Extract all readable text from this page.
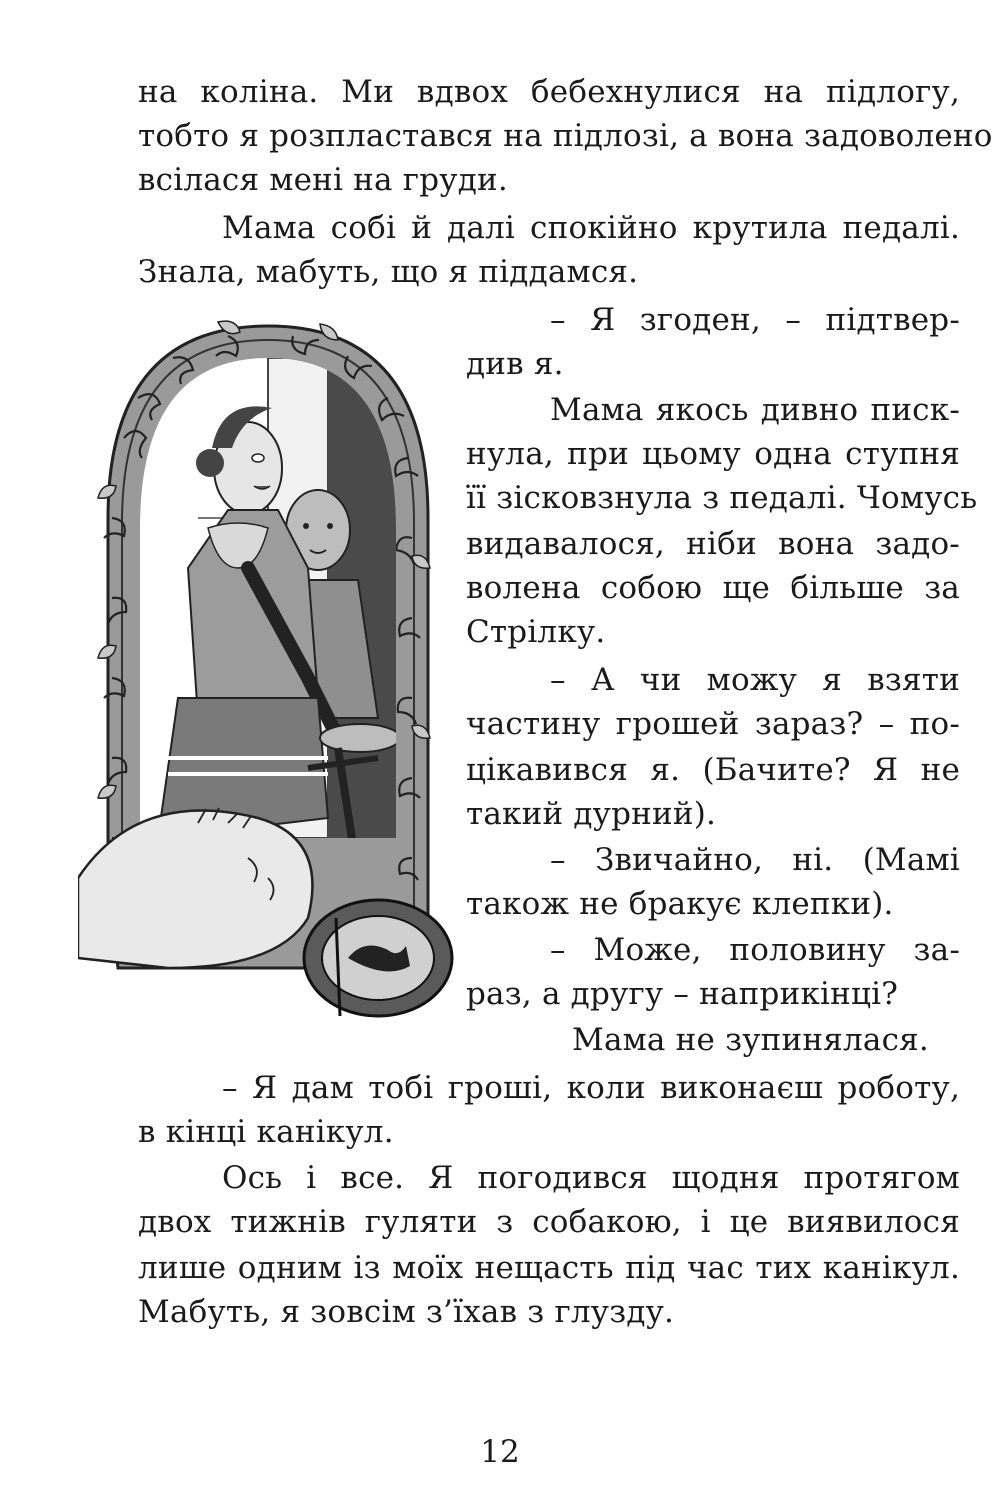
на коліна. Ми вдвох бебехнулися на підлогу,
тобто я розпластався на підлозі, а вона задоволено
всілася мені на груди.
Мама собі й далі спокійно крутила педалі.
Знала, мабуть, що я піддамся.
– Я згоден, – підтвер-
див я.
Мама якось дивно писк-
нула, при цьому одна ступня
її зісковзнула з педалі. Чомусь
видавалося, ніби вона задо-
волена собою ще більше за
Стрілку.
– А чи можу я взяти
частину грошей зараз? – по-
цікавився я. (Бачите? Я не
такий дурний).
– Звичайно, ні. (Мамі
також не бракує клепки).
– Може, половину за-
раз, а другу – наприкінці?
Мама не зупинялася.
– Я дам тобі гроші, коли виконаєш роботу,
в кінці канікул.
Ось і все. Я погодився щодня протягом
двох тижнів гуляти з собакою, і це виявилося
лише одним із моїх нещасть під час тих канікул.
Мабуть, я зовсім з’їхав з глузду.
12
